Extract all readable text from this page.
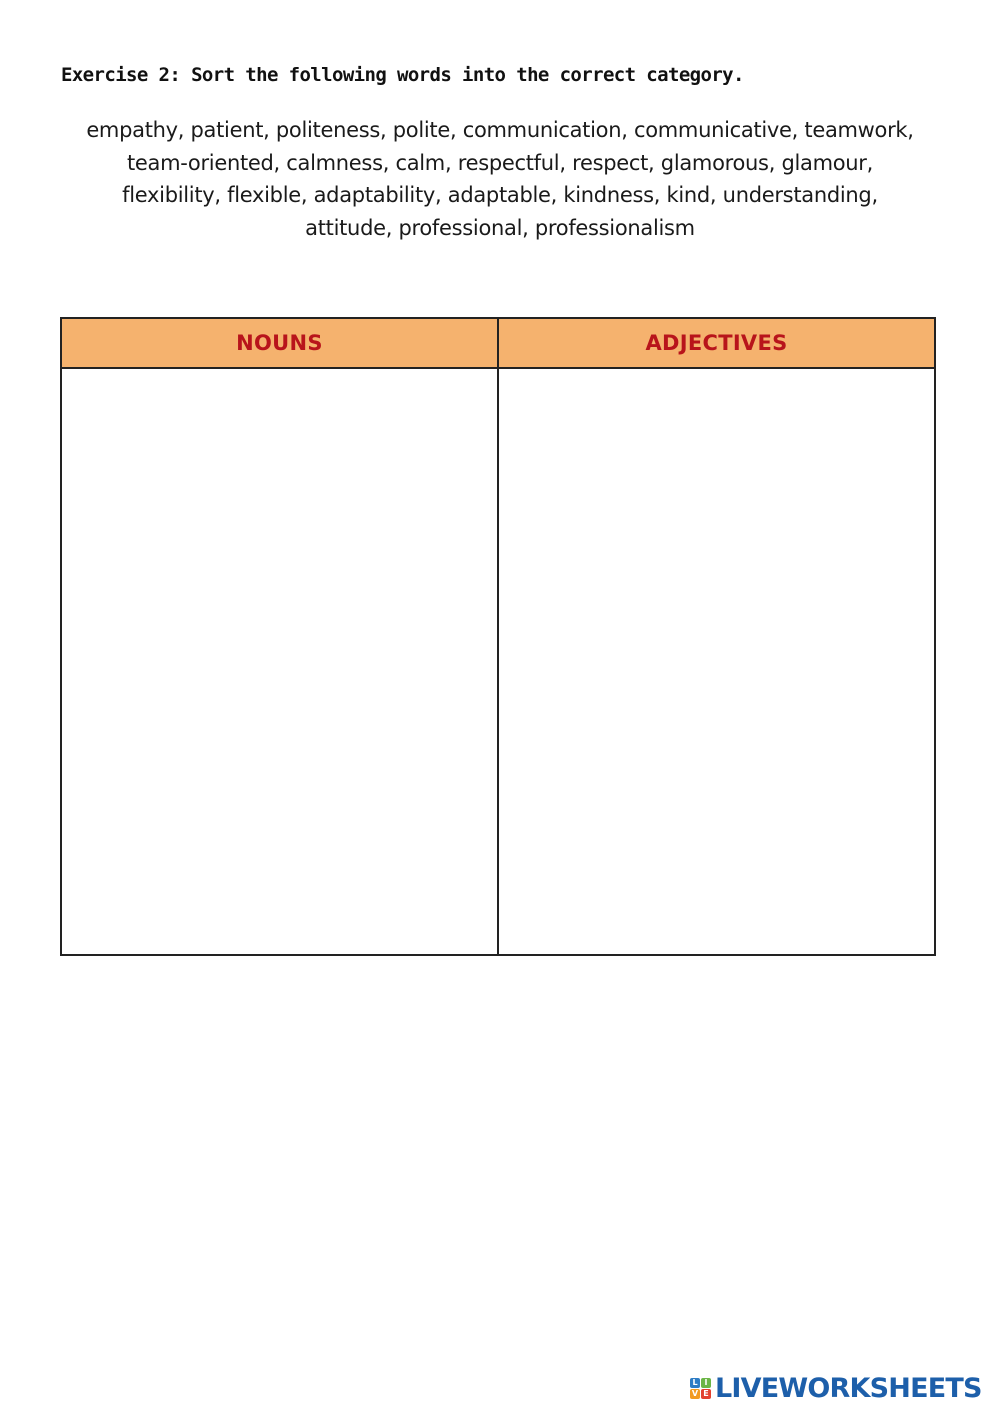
Exercise 2: Sort the following words into the correct category.
empathy, patient, politeness, polite, communication, communicative, teamwork,
team-oriented, calmness, calm, respectful, respect, glamorous, glamour,
flexibility, flexible, adaptability, adaptable, kindness, kind, understanding,
attitude, professional, professionalism
NOUNS	ADJECTIVES
L I
V E LIVEWORKSHEETS
